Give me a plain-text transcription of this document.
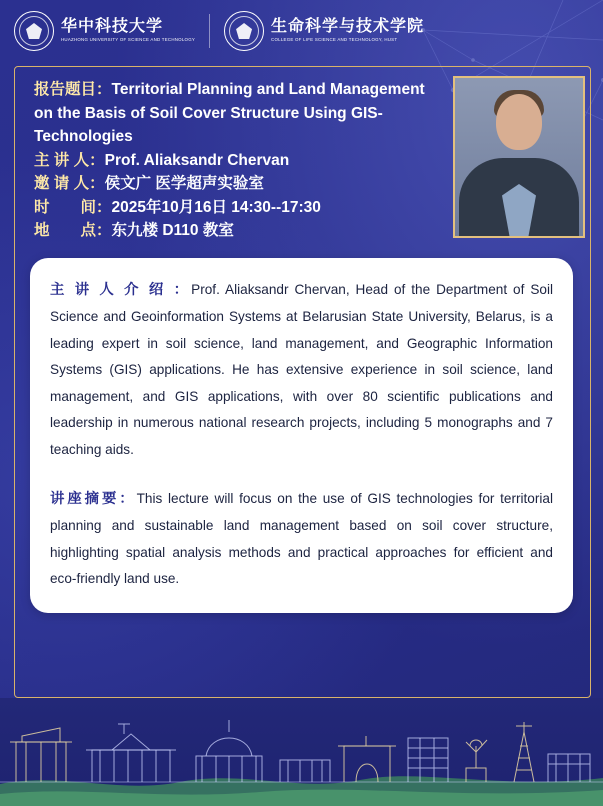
华中科技大学
HUAZHONG UNIVERSITY OF SCIENCE AND TECHNOLOGY
生命科学与技术学院
COLLEGE OF LIFE SCIENCE AND TECHNOLOGY, HUST
报告题目：Territorial Planning and Land Management on the Basis of Soil Cover Structure Using GIS-Technologies
主 讲 人： Prof. Aliaksandr Chervan
邀 请 人： 侯文广 医学超声实验室
时　　间： 2025年10月16日 14:30--17:30
地　　点： 东九楼 D110 教室

主 讲 人 介 绍 ：Prof. Aliaksandr Chervan, Head of the Department of Soil Science and Geoinformation Systems at Belarusian State University, Belarus, is a leading expert in soil science, land management, and Geographic Information Systems (GIS) applications. He has extensive experience in soil science, land management, and GIS applications, with over 80 scientific publications and leadership in numerous national research projects, including 5 monographs and 7 teaching aids.

讲座摘要：This lecture will focus on the use of GIS technologies for territorial planning and sustainable land management based on soil cover structure, highlighting spatial analysis methods and practical approaches for efficient and eco-friendly land use.
